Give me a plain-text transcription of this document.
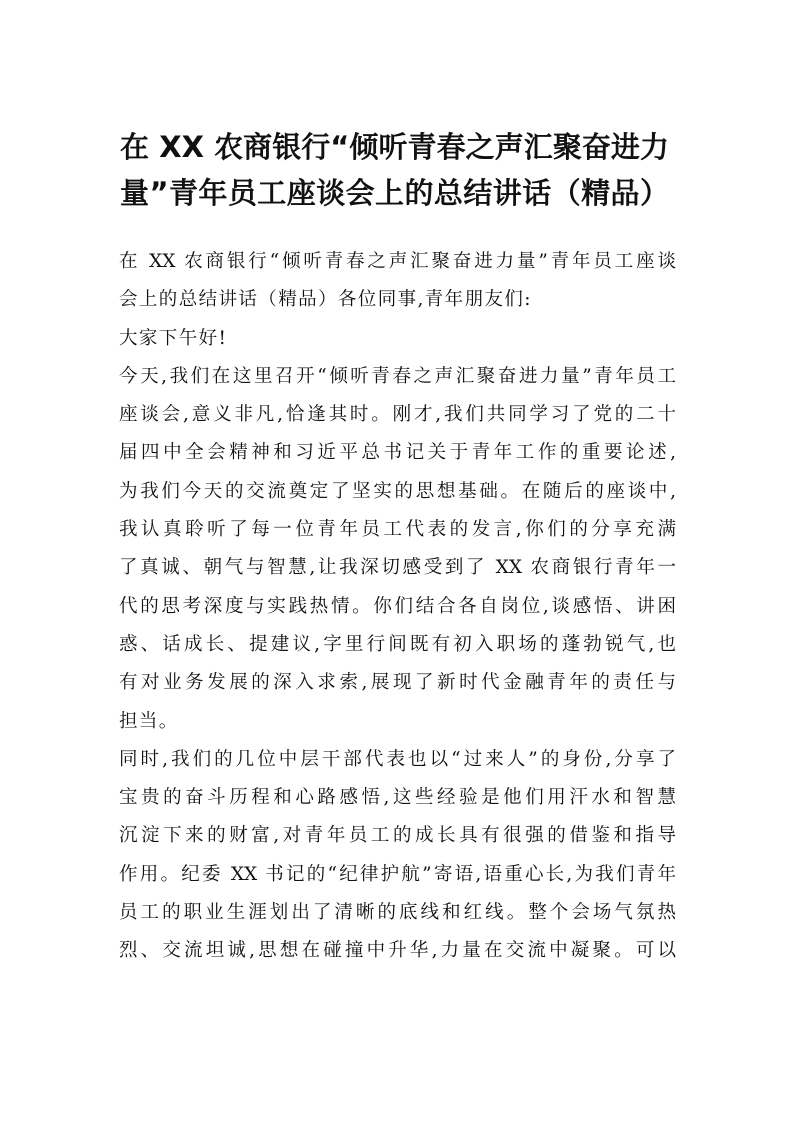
在 XX 农商银行“倾听青春之声汇聚奋进力
量”青年员工座谈会上的总结讲话（精品）
在 XX 农商银行“倾听青春之声汇聚奋进力量”青年员工座谈
会上的总结讲话（精品）各位同事,青年朋友们:
大家下午好!
今天,我们在这里召开“倾听青春之声汇聚奋进力量”青年员工
座谈会,意义非凡,恰逢其时。刚才,我们共同学习了党的二十
届四中全会精神和习近平总书记关于青年工作的重要论述,
为我们今天的交流奠定了坚实的思想基础。在随后的座谈中,
我认真聆听了每一位青年员工代表的发言,你们的分享充满
了真诚、朝气与智慧,让我深切感受到了 XX 农商银行青年一
代的思考深度与实践热情。你们结合各自岗位,谈感悟、讲困
惑、话成长、提建议,字里行间既有初入职场的蓬勃锐气,也
有对业务发展的深入求索,展现了新时代金融青年的责任与
担当。
同时,我们的几位中层干部代表也以“过来人”的身份,分享了
宝贵的奋斗历程和心路感悟,这些经验是他们用汗水和智慧
沉淀下来的财富,对青年员工的成长具有很强的借鉴和指导
作用。纪委 XX 书记的“纪律护航”寄语,语重心长,为我们青年
员工的职业生涯划出了清晰的底线和红线。整个会场气氛热
烈、交流坦诚,思想在碰撞中升华,力量在交流中凝聚。可以
